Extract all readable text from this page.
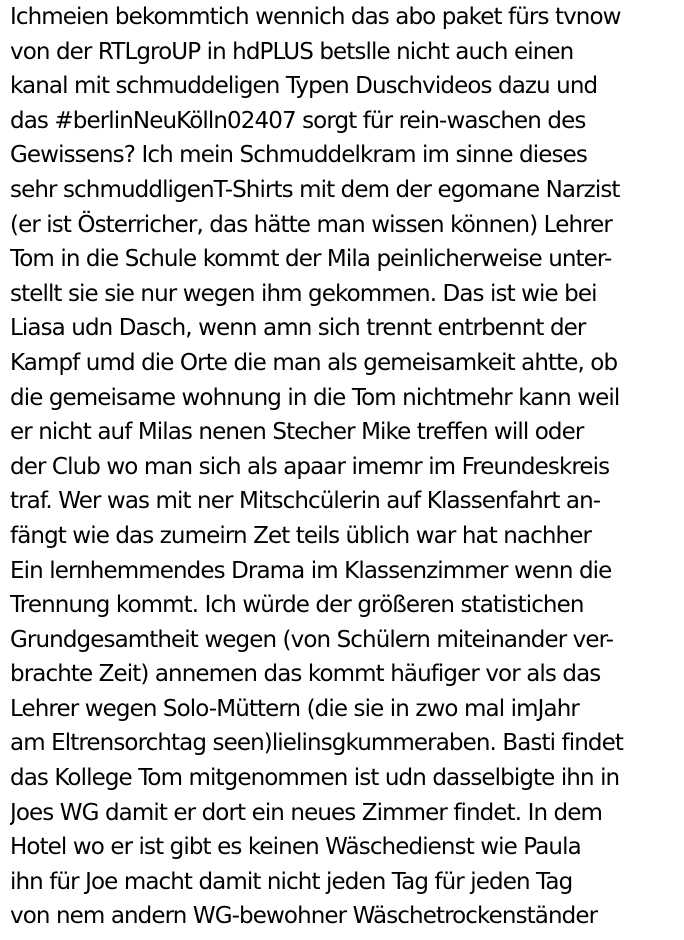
Ichmeien bekommtich wennich das abo paket fürs tvnow
von der RTLgroUP in hdPLUS betslle nicht auch einen
kanal mit schmuddeligen Typen Duschvideos dazu und
das #berlinNeuKölln02407 sorgt für rein-waschen des
Gewissens? Ich mein Schmuddelkram im sinne dieses
sehr schmuddligenT-Shirts mit dem der egomane Narzist
(er ist Österricher, das hätte man wissen können) Lehrer
Tom in die Schule kommt der Mila peinlicherweise unter-
stellt sie sie nur wegen ihm gekommen. Das ist wie bei
Liasa udn Dasch, wenn amn sich trennt entrbennt der
Kampf umd die Orte die man als gemeisamkeit ahtte, ob
die gemeisame wohnung in die Tom nichtmehr kann weil
er nicht auf Milas nenen Stecher Mike treffen will oder
der Club wo man sich als apaar imemr im Freundeskreis
traf. Wer was mit ner Mitschcülerin auf Klassenfahrt an-
fängt wie das zumeirn Zet teils üblich war hat nachher
Ein lernhemmendes Drama im Klassenzimmer wenn die
Trennung kommt. Ich würde der größeren statistichen
Grundgesamtheit wegen (von Schülern miteinander ver-
brachte Zeit) annemen das kommt häufiger vor als das
Lehrer wegen Solo-Müttern (die sie in zwo mal imJahr
am Eltrensorchtag seen)lielinsgkummeraben. Basti findet
das Kollege Tom mitgenommen ist udn dasselbigte ihn in
Joes WG damit er dort ein neues Zimmer findet. In dem
Hotel wo er ist gibt es keinen Wäschedienst wie Paula
ihn für Joe macht damit nicht jeden Tag für jeden Tag
von nem andern WG-bewohner Wäschetrockenständer
